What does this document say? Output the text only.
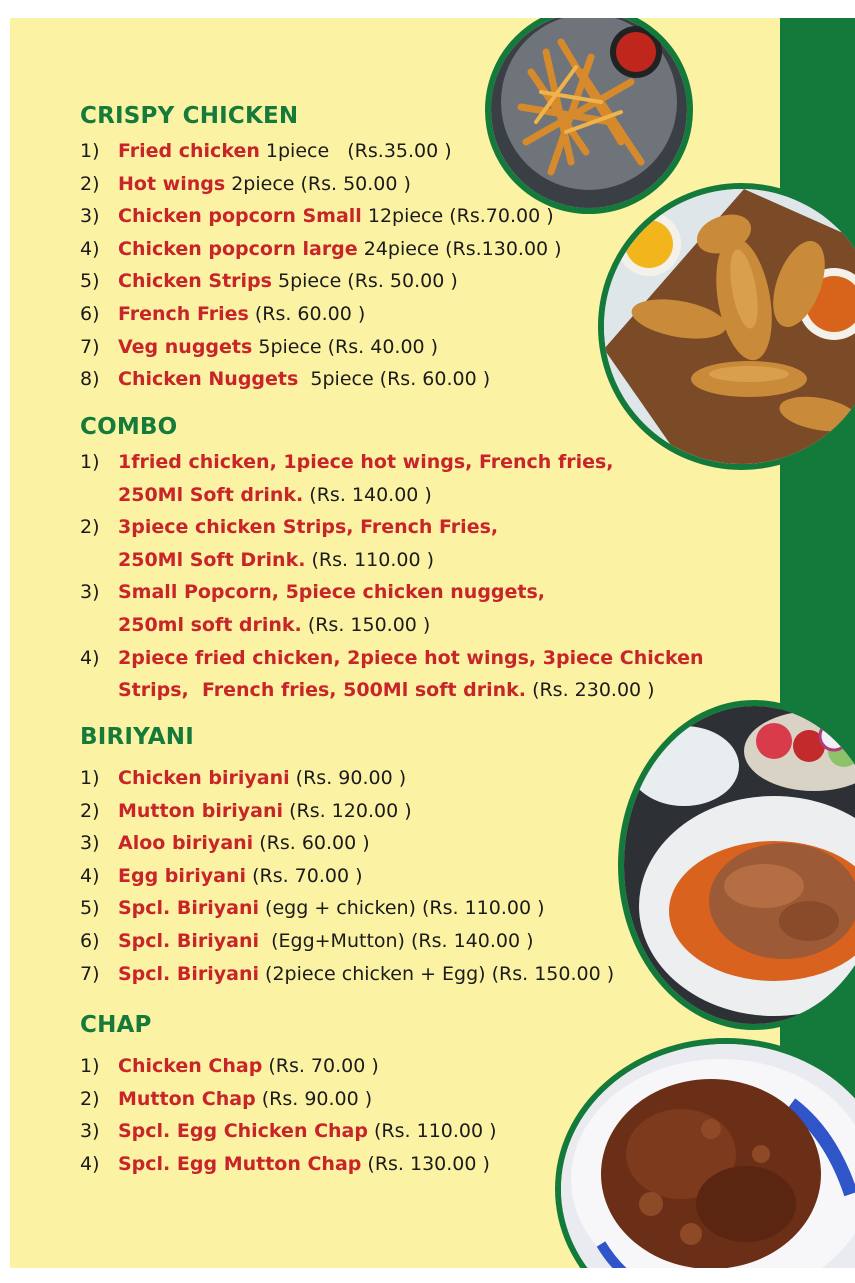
CRISPY CHICKEN
1) Fried chicken 1piece   (Rs.35.00 )
2) Hot wings 2piece (Rs. 50.00 )
3) Chicken popcorn Small 12piece (Rs.70.00 )
4) Chicken popcorn large 24piece (Rs.130.00 )
5) Chicken Strips 5piece (Rs. 50.00 )
6) French Fries (Rs. 60.00 )
7) Veg nuggets 5piece (Rs. 40.00 )
8) Chicken Nuggets  5piece (Rs. 60.00 )
COMBO
1) 1fried chicken, 1piece hot wings, French fries,
250Ml Soft drink. (Rs. 140.00 )
2) 3piece chicken Strips, French Fries,
250Ml Soft Drink. (Rs. 110.00 )
3) Small Popcorn, 5piece chicken nuggets,
250ml soft drink. (Rs. 150.00 )
4) 2piece fried chicken, 2piece hot wings, 3piece Chicken
Strips,  French fries, 500Ml soft drink. (Rs. 230.00 )
BIRIYANI
1) Chicken biriyani (Rs. 90.00 )
2) Mutton biriyani (Rs. 120.00 )
3) Aloo biriyani (Rs. 60.00 )
4) Egg biriyani (Rs. 70.00 )
5) Spcl. Biriyani (egg + chicken) (Rs. 110.00 )
6) Spcl. Biriyani  (Egg+Mutton) (Rs. 140.00 )
7) Spcl. Biriyani (2piece chicken + Egg) (Rs. 150.00 )
CHAP
1) Chicken Chap (Rs. 70.00 )
2) Mutton Chap (Rs. 90.00 )
3) Spcl. Egg Chicken Chap (Rs. 110.00 )
4) Spcl. Egg Mutton Chap (Rs. 130.00 )
